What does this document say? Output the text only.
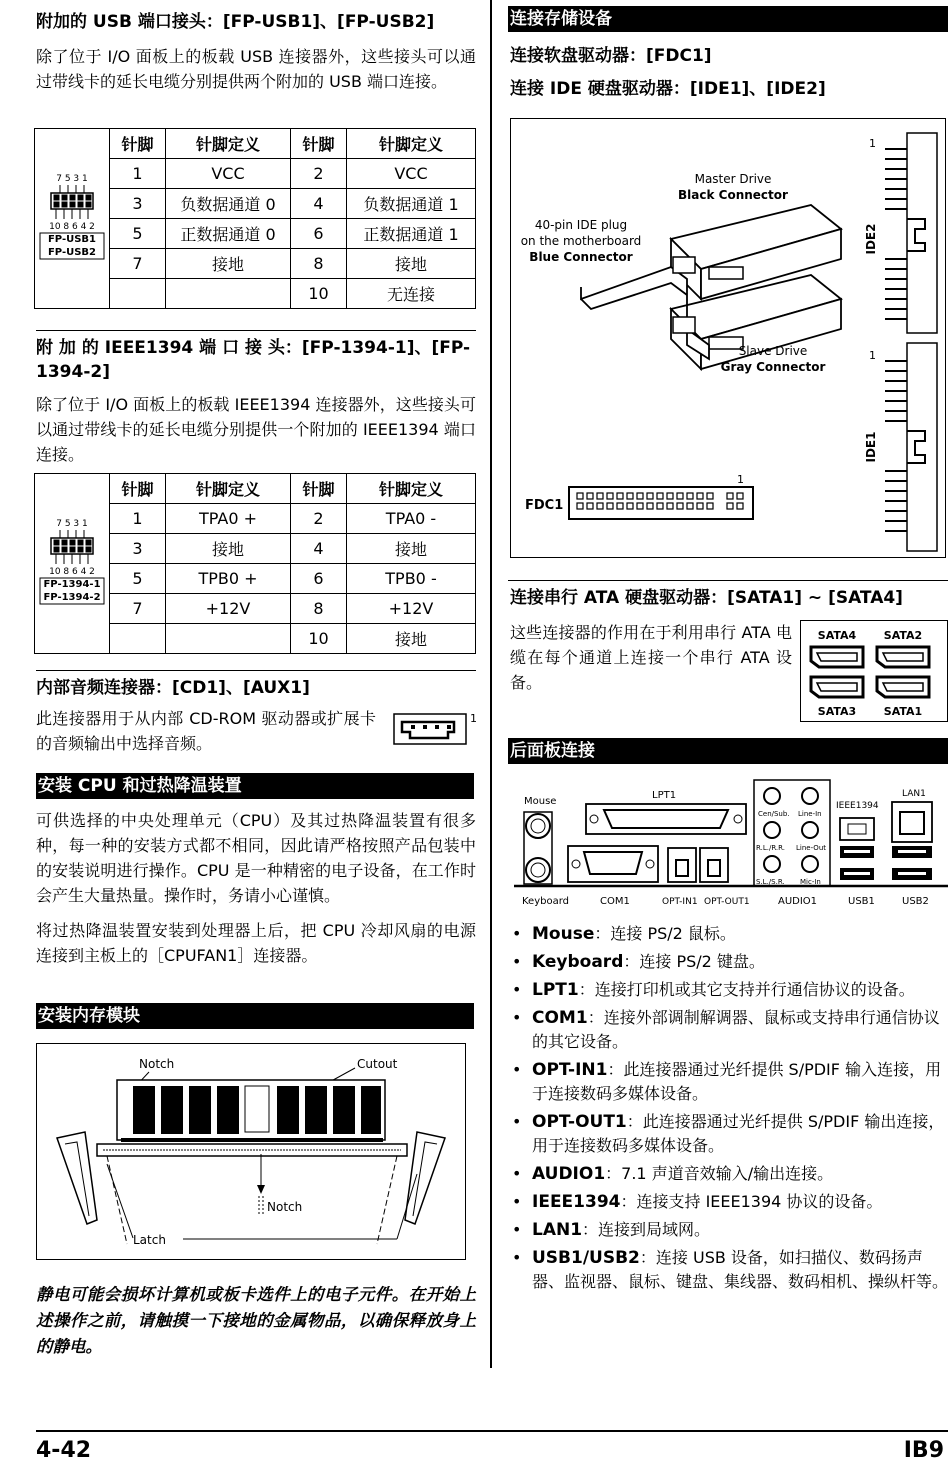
附加的 USB 端口接头：[FP-USB1]、[FP-USB2]

除了位于 I/O 面板上的板载 USB 连接器外，这些接头可以通过带线卡的延长电缆分别提供两个附加的 USB 端口连接。

7 5 3 1
10 8 6 4 2
FP-USB1
FP-USB2	针脚	针脚定义	针脚	针脚定义
	1	VCC	2	VCC
	3	负数据通道 0	4	负数据通道 1
	5	正数据通道 0	6	正数据通道 1
	7	接地	8	接地
			10	无连接
附 加 的 IEEE1394 端 口 接 头：[FP-1394-1]、[FP-1394-2]

除了位于 I/O 面板上的板载 IEEE1394 连接器外，这些接头可以通过带线卡的延长电缆分别提供一个附加的 IEEE1394 端口连接。

7 5 3 1
10 8 6 4 2
FP-1394-1
FP-1394-2	针脚	针脚定义	针脚	针脚定义
	1	TPA0 +	2	TPA0 -
	3	接地	4	接地
	5	TPB0 +	6	TPB0 -
	7	+12V	8	+12V
			10	接地
内部音频连接器：[CD1]、[AUX1]

此连接器用于从内部 CD-ROM 驱动器或扩展卡的音频输出中选择音频。

1
安装 CPU 和过热降温装置

可供选择的中央处理单元（CPU）及其过热降温装置有很多种，每一种的安装方式都不相同，因此请严格按照产品包装中的安装说明进行操作。CPU 是一种精密的电子设备，在工作时会产生大量热量。操作时，务请小心谨慎。

将过热降温装置安装到处理器上后，把 CPU 冷却风扇的电源连接到主板上的［CPUFAN1］连接器。

安装内存模块
Notch	Cutout
Notch
Latch

静电可能会损坏计算机或板卡选件上的电子元件。在开始上述操作之前，请触摸一下接地的金属物品，以确保释放身上的静电。

连接存储设备
连接软盘驱动器：[FDC1]
连接 IDE 硬盘驱动器：[IDE1]、[IDE2]
Master Drive
Black Connector
40-pin IDE plug
on the motherboard
Blue Connector
Slave Drive
Gray Connector
1
IDE2
1
IDE1
1
FDC1
连接串行 ATA 硬盘驱动器：[SATA1] ~ [SATA4]

这些连接器的作用在于利用串行 ATA 电缆在每个通道上连接一个串行 ATA 设备。

SATA4	SATA2
SATA3	SATA1
后面板连接
Mouse
LPT1
IEEE1394
LAN1
Cen/Sub. Line-In
R.L./R.R. Line-Out
S.L./S.R. Mic-In
Keyboard	COM1	OPT-IN1 OPT-OUT1	AUDIO1	USB1	USB2
• Mouse：连接 PS/2 鼠标。
• Keyboard：连接 PS/2 键盘。
• LPT1：连接打印机或其它支持并行通信协议的设备。
• COM1：连接外部调制解调器、鼠标或支持串行通信协议的其它设备。
• OPT-IN1：此连接器通过光纤提供 S/PDIF 输入连接，用于连接数码多媒体设备。
• OPT-OUT1：此连接器通过光纤提供 S/PDIF 输出连接，用于连接数码多媒体设备。
• AUDIO1：7.1 声道音效输入/输出连接。
• IEEE1394：连接支持 IEEE1394 协议的设备。
• LAN1：连接到局域网。
• USB1/USB2：连接 USB 设备，如扫描仪、数码扬声器、监视器、鼠标、键盘、集线器、数码相机、操纵杆等。
4-42	IB9
